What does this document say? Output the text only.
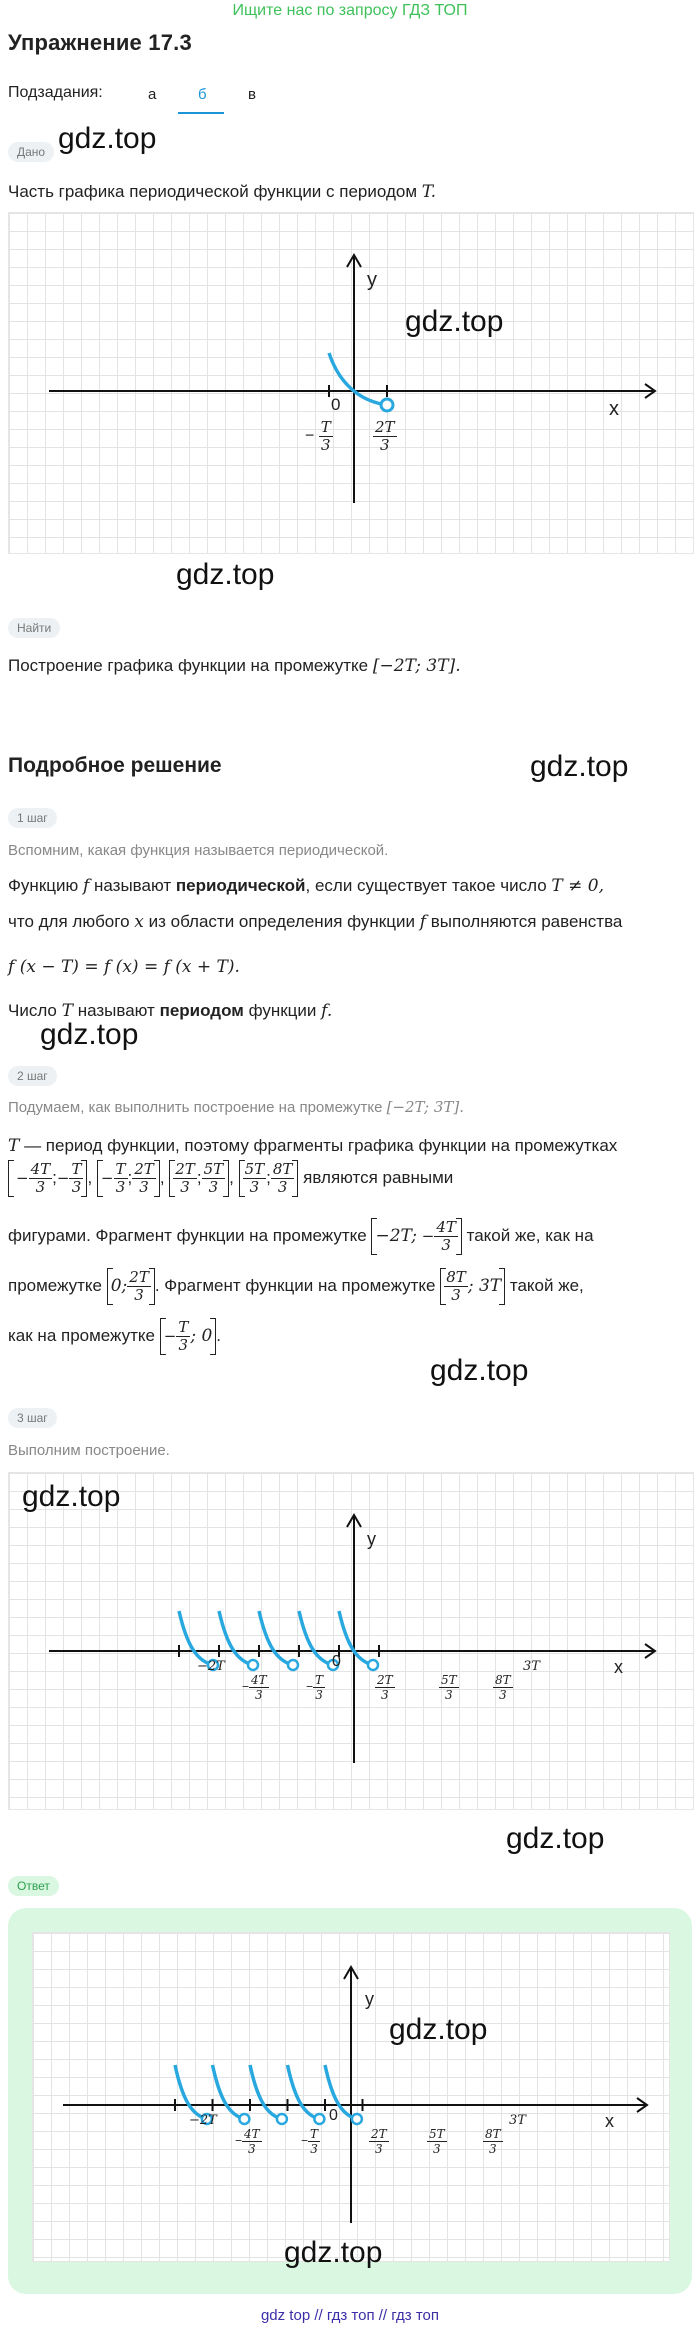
Ищите нас по запросу ГДЗ ТОП
Упражнение 17.3
Подзадания:	а	б	в
Дано gdz.top
Часть графика периодической функции с периодом T.
y
x
0
− $\frac{T}{3}$	$\frac{2T}{3}$
gdz.top
gdz.top
Найти
Построение графика функции на промежутке [−2T; 3T].
Подробное решение	gdz.top
1 шаг
Вспомним, какая функция называется периодической.
Функцию f называют периодической, если существует такое число T ≠ 0,
что для любого x из области определения функции f выполняются равенства
f (x − T) = f (x) = f (x + T).
Число T называют периодом функции f.
gdz.top
2 шаг
Подумаем, как выполнить построение на промежутке [−2T; 3T].
T — период функции, поэтому фрагменты графика функции на промежутках
− $\frac{4T}{3}$ ;− $\frac{T}{3}$ , − $\frac{T}{3}$ ; $\frac{2T}{3}$ , $\frac{2T}{3}$ ; $\frac{5T}{3}$ , $\frac{5T}{3}$ ; $\frac{8T}{3}$ являются равными
фигурами. Фрагмент функции на промежутке −2T; − $\frac{4T}{3}$ такой же, как на
промежутке 0; $\frac{2T}{3}$ . Фрагмент функции на промежутке $\frac{8T}{3}$ ; 3T такой же,
как на промежутке − $\frac{T}{3}$ ; 0 .
gdz.top
3 шаг
Выполним построение.
y
x
0
−2T	3T
− $\frac{4T}{3}$	− $\frac{T}{3}$	$\frac{2T}{3}$	$\frac{5T}{3}$	$\frac{8T}{3}$
gdz.top
gdz.top
Ответ
y
x
0
−2T	3T
− $\frac{4T}{3}$	− $\frac{T}{3}$	$\frac{2T}{3}$	$\frac{5T}{3}$	$\frac{8T}{3}$
gdz.top
gdz.top
gdz top // гдз топ // гдз топ
